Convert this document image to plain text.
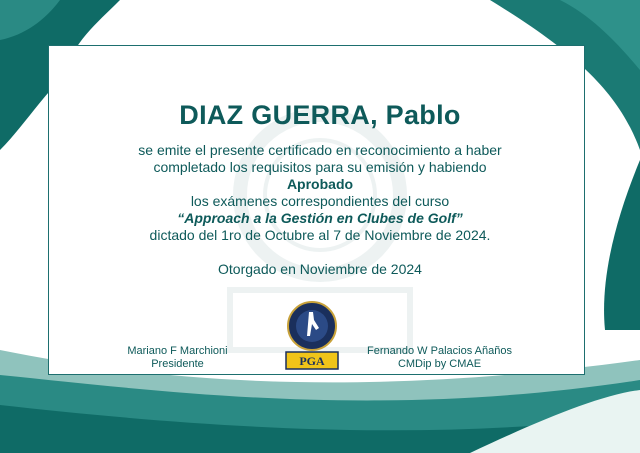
DIAZ GUERRA, Pablo
se emite el presente certificado en reconocimiento a haber
completado los requisitos para su emisión y habiendo
Aprobado
los exámenes correspondientes del curso
“Approach a la Gestión en Clubes de Golf”
dictado del 1ro de Octubre al 7 de Noviembre de 2024.
Otorgado en Noviembre de 2024
Mariano F Marchioni
Presidente	PGA
Fernando W Palacios Añaños
CMDip by CMAE
